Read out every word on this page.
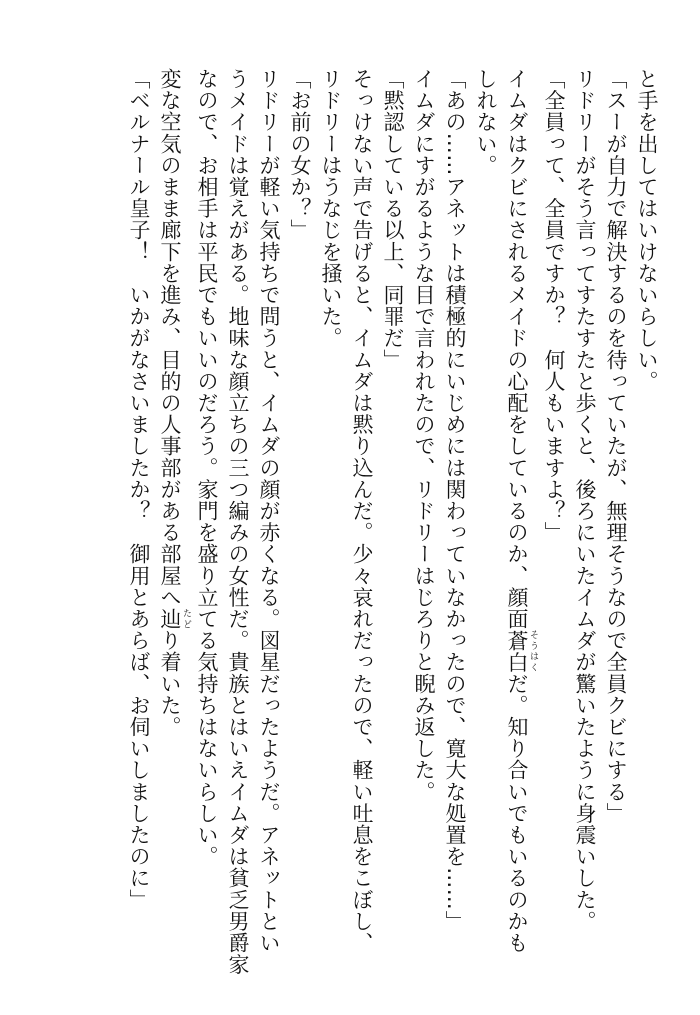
と手を出してはいけないらしい。
「スーが自力で解決するのを待っていたが、無理そうなので全員クビにする」
リドリーがそう言ってすたすたと歩くと、後ろにいたイムダが驚いたように身震いした。
「全員って、全員ですか？　何人もいますよ？」
イムダはクビにされるメイドの心配をしているのか、顔面蒼白 そうはくだ。知り合いでもいるのかも
しれない。
「あの……アネットは積極的にいじめには関わっていなかったので、寛大な処置を……」
イムダにすがるような目で言われたので、リドリーはじろりと睨み返した。
「黙認している以上、同罪だ」
そっけない声で告げると、イムダは黙り込んだ。少々哀れだったので、軽い吐息をこぼし、
リドリーはうなじを掻いた。
「お前の女か？」
リドリーが軽い気持ちで問うと、イムダの顔が赤くなる。図星だったようだ。アネットとい
うメイドは覚えがある。地味な顔立ちの三つ編みの女性だ。貴族とはいえイムダは貧乏男爵家
なので、お相手は平民でもいいのだろう。家門を盛り立てる気持ちはないらしい。
変な空気のまま廊下を進み、目的の人事部がある部屋へ辿 たどり着いた。
「ベルナール皇子！　いかがなさいましたか？　御用とあらば、お伺いしましたのに」
